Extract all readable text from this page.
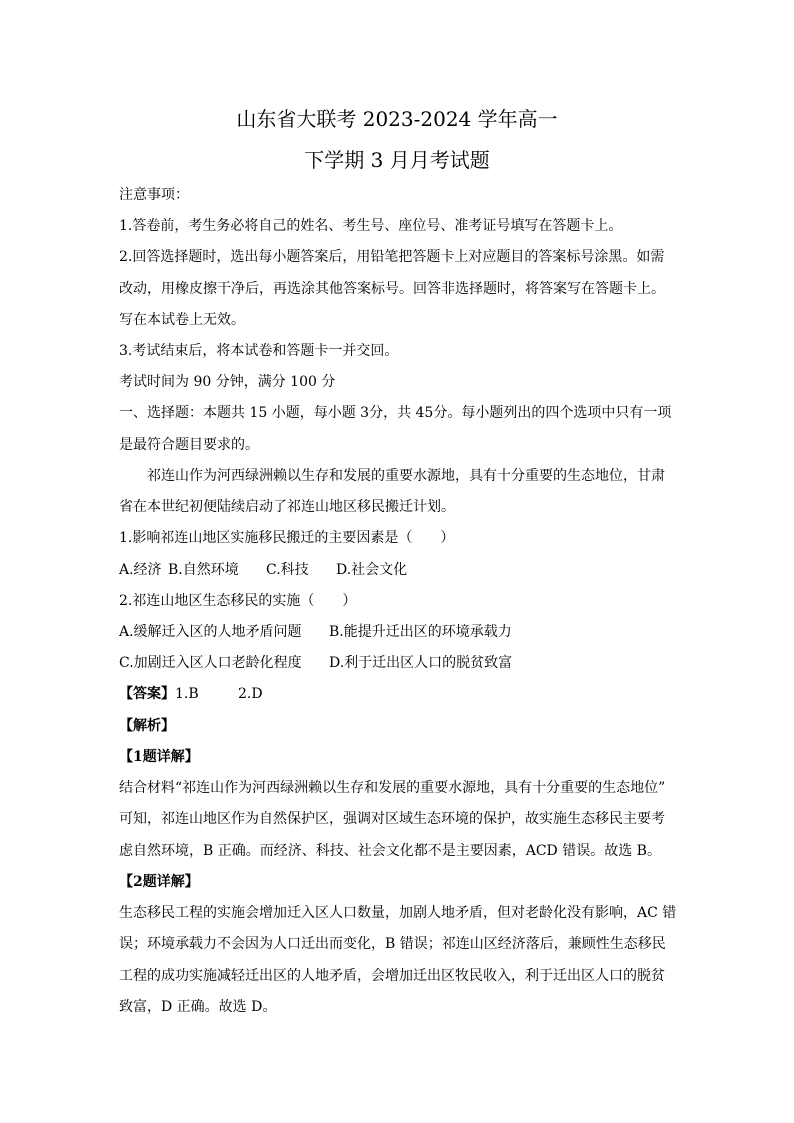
山东省大联考 2023-2024 学年高一
下学期 3 月月考试题
注意事项：
1.答卷前，考生务必将自己的姓名、考生号、座位号、准考证号填写在答题卡上。
2.回答选择题时，选出每小题答案后，用铅笔把答题卡上对应题目的答案标号涂黑。如需
改动，用橡皮擦干净后，再选涂其他答案标号。回答非选择题时，将答案写在答题卡上。
写在本试卷上无效。
3.考试结束后，将本试卷和答题卡一并交回。
考试时间为 90 分钟，满分 100 分
一、选择题：本题共 15 小题，每小题 3分，共 45分。每小题列出的四个选项中只有一项
是最符合题目要求的。
祁连山作为河西绿洲赖以生存和发展的重要水源地，具有十分重要的生态地位，甘肃
省在本世纪初便陆续启动了祁连山地区移民搬迁计划。
1.影响祁连山地区实施移民搬迁的主要因素是（　　）
A.经济 B.自然环境 C.科技 D.社会文化
2.祁连山地区生态移民的实施（　　）
A.缓解迁入区的人地矛盾问题 B.能提升迁出区的环境承载力
C.加剧迁入区人口老龄化程度 D.利于迁出区人口的脱贫致富
【答案】1.B	2.D
【解析】
【1题详解】
结合材料“祁连山作为河西绿洲赖以生存和发展的重要水源地，具有十分重要的生态地位”
可知，祁连山地区作为自然保护区，强调对区域生态环境的保护，故实施生态移民主要考
虑自然环境，B 正确。而经济、科技、社会文化都不是主要因素，ACD 错误。故选 B。
【2题详解】
生态移民工程的实施会增加迁入区人口数量，加剧人地矛盾，但对老龄化没有影响，AC 错
误；环境承载力不会因为人口迁出而变化，B 错误；祁连山区经济落后，兼顾性生态移民
工程的成功实施减轻迁出区的人地矛盾，会增加迁出区牧民收入，利于迁出区人口的脱贫
致富，D 正确。故选 D。
